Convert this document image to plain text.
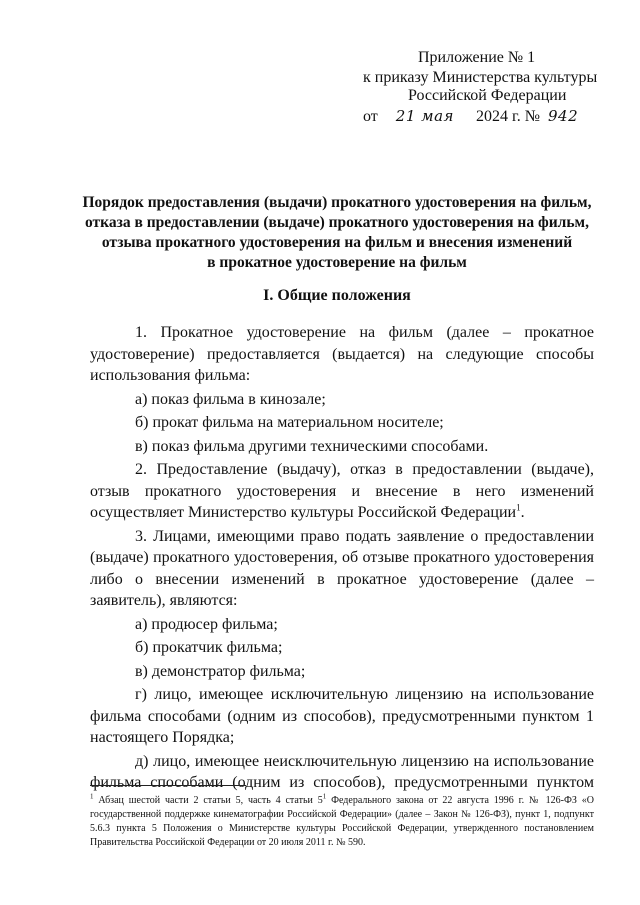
Приложение № 1
к приказу Министерства культуры
Российской Федерации
от 21 мая 2024 г. № 942
Порядок предоставления (выдачи) прокатного удостоверения на фильм,
отказа в предоставлении (выдаче) прокатного удостоверения на фильм,
отзыва прокатного удостоверения на фильм и внесения изменений
в прокатное удостоверение на фильм
I. Общие положения

1. Прокатное удостоверение на фильм (далее – прокатное удостоверение) предоставляется (выдается) на следующие способы использования фильма:

а) показ фильма в кинозале;

б) прокат фильма на материальном носителе;

в) показ фильма другими техническими способами.

2. Предоставление (выдачу), отказ в предоставлении (выдаче), отзыв прокатного удостоверения и внесение в него изменений осуществляет Министерство культуры Российской Федерации$^1$.

3. Лицами, имеющими право подать заявление о предоставлении (выдаче) прокатного удостоверения, об отзыве прокатного удостоверения либо о внесении изменений в прокатное удостоверение (далее – заявитель), являются:

а) продюсер фильма;

б) прокатчик фильма;

в) демонстратор фильма;

г) лицо, имеющее исключительную лицензию на использование фильма способами (одним из способов), предусмотренными пунктом 1 настоящего Порядка;

д) лицо, имеющее неисключительную лицензию на использование фильма способами (одним из способов), предусмотренными пунктом

$^1$ Абзац шестой части 2 статьи 5, часть 4 статьи $5^1$ Федерального закона от 22 августа 1996 г. № 126-ФЗ «О государственной поддержке кинематографии Российской Федерации» (далее – Закон № 126-ФЗ), пункт 1, подпункт 5.6.3 пункта 5 Положения о Министерстве культуры Российской Федерации, утвержденного постановлением Правительства Российской Федерации от 20 июля 2011 г. № 590.
